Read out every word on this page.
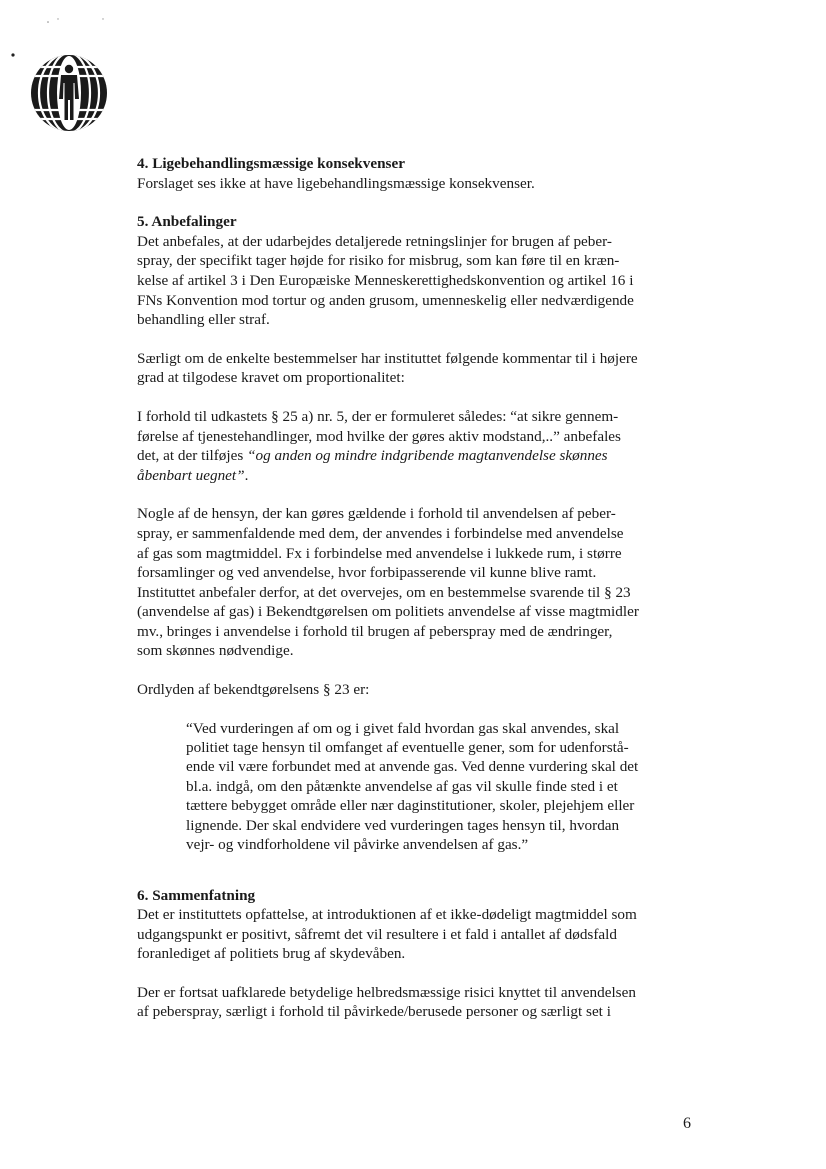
4. Ligebehandlingsmæssige konsekvenser
Forslaget ses ikke at have ligebehandlingsmæssige konsekvenser.
5. Anbefalinger
Det anbefales, at der udarbejdes detaljerede retningslinjer for brugen af peber-
spray, der specifikt tager højde for risiko for misbrug, som kan føre til en kræn-
kelse af artikel 3 i Den Europæiske Menneskerettighedskonvention og artikel 16 i
FNs Konvention mod tortur og anden grusom, umenneskelig eller nedværdigende
behandling eller straf.
Særligt om de enkelte bestemmelser har instituttet følgende kommentar til i højere
grad at tilgodese kravet om proportionalitet:
I forhold til udkastets § 25 a) nr. 5, der er formuleret således: “at sikre gennem-
førelse af tjenestehandlinger, mod hvilke der gøres aktiv modstand,..” anbefales
det, at der tilføjes “og anden og mindre indgribende magtanvendelse skønnes
åbenbart uegnet”.
Nogle af de hensyn, der kan gøres gældende i forhold til anvendelsen af peber-
spray, er sammenfaldende med dem, der anvendes i forbindelse med anvendelse
af gas som magtmiddel. Fx i forbindelse med anvendelse i lukkede rum, i større
forsamlinger og ved anvendelse, hvor forbipasserende vil kunne blive ramt.
Instituttet anbefaler derfor, at det overvejes, om en bestemmelse svarende til § 23
(anvendelse af gas) i Bekendtgørelsen om politiets anvendelse af visse magtmidler
mv., bringes i anvendelse i forhold til brugen af peberspray med de ændringer,
som skønnes nødvendige.
Ordlyden af bekendtgørelsens § 23 er:
“Ved vurderingen af om og i givet fald hvordan gas skal anvendes, skal
politiet tage hensyn til omfanget af eventuelle gener, som for udenforstå-
ende vil være forbundet med at anvende gas. Ved denne vurdering skal det
bl.a. indgå, om den påtænkte anvendelse af gas vil skulle finde sted i et
tættere bebygget område eller nær daginstitutioner, skoler, plejehjem eller
lignende. Der skal endvidere ved vurderingen tages hensyn til, hvordan
vejr- og vindforholdene vil påvirke anvendelsen af gas.”
6. Sammenfatning
Det er instituttets opfattelse, at introduktionen af et ikke-dødeligt magtmiddel som
udgangspunkt er positivt, såfremt det vil resultere i et fald i antallet af dødsfald
foranlediget af politiets brug af skydevåben.
Der er fortsat uafklarede betydelige helbredsmæssige risici knyttet til anvendelsen
af peberspray, særligt i forhold til påvirkede/berusede personer og særligt set i
6
